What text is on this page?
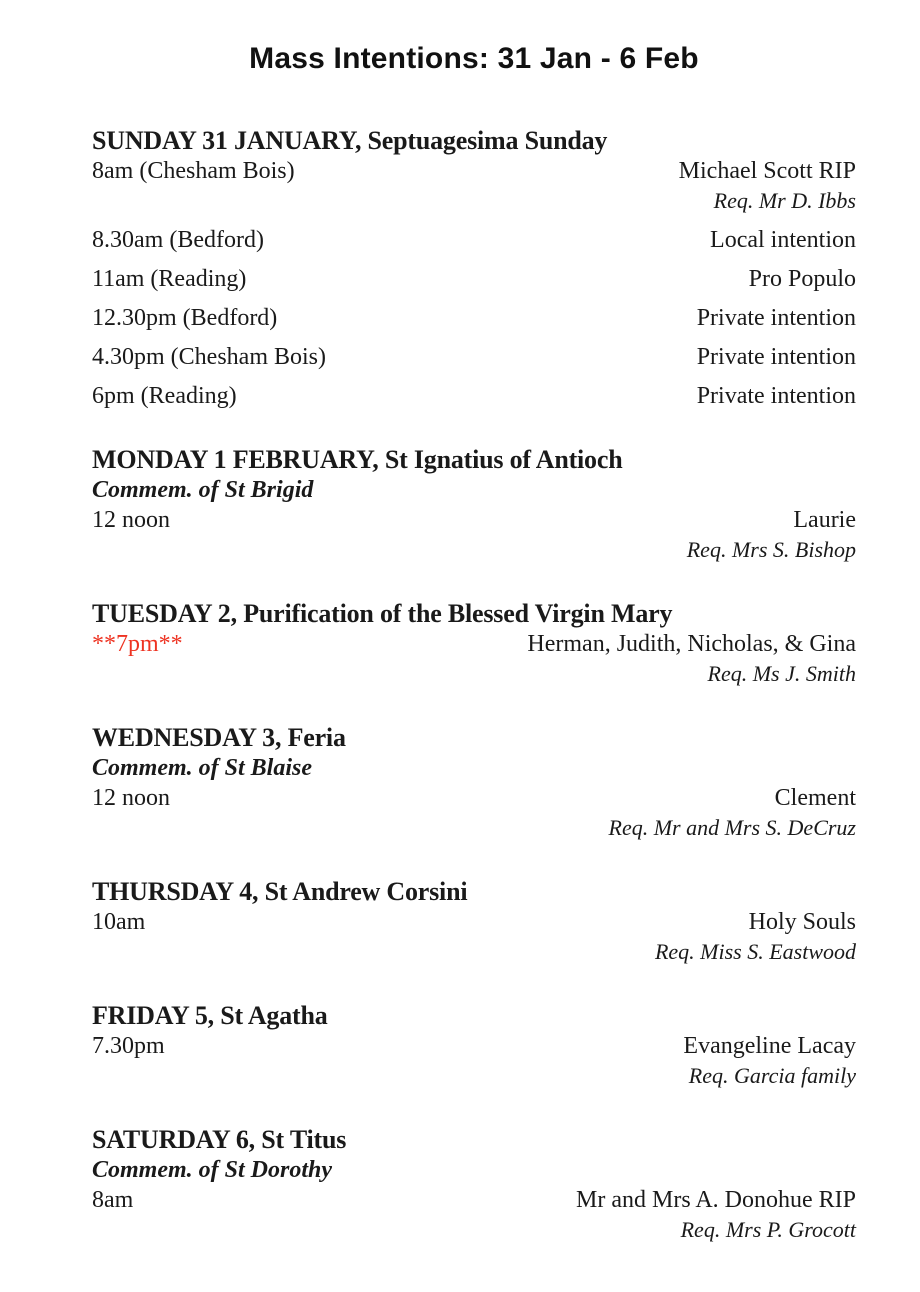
Mass Intentions: 31 Jan - 6 Feb
SUNDAY 31 JANUARY, Septuagesima Sunday
8am (Chesham Bois)	Michael Scott RIP
Req. Mr D. Ibbs
8.30am (Bedford)	Local intention
11am (Reading)	Pro Populo
12.30pm (Bedford)	Private intention
4.30pm (Chesham Bois)	Private intention
6pm (Reading)	Private intention
MONDAY 1 FEBRUARY, St Ignatius of Antioch
Commem. of St Brigid
12 noon	Laurie
Req. Mrs S. Bishop
TUESDAY 2, Purification of the Blessed Virgin Mary
**7pm**	Herman, Judith, Nicholas, & Gina
Req. Ms J. Smith
WEDNESDAY 3, Feria
Commem. of St Blaise
12 noon	Clement
Req. Mr and Mrs S. DeCruz
THURSDAY 4, St Andrew Corsini
10am	Holy Souls
Req. Miss S. Eastwood
FRIDAY 5, St Agatha
7.30pm	Evangeline Lacay
Req. Garcia family
SATURDAY 6, St Titus
Commem. of St Dorothy
8am	Mr and Mrs A. Donohue RIP
Req. Mrs P. Grocott
